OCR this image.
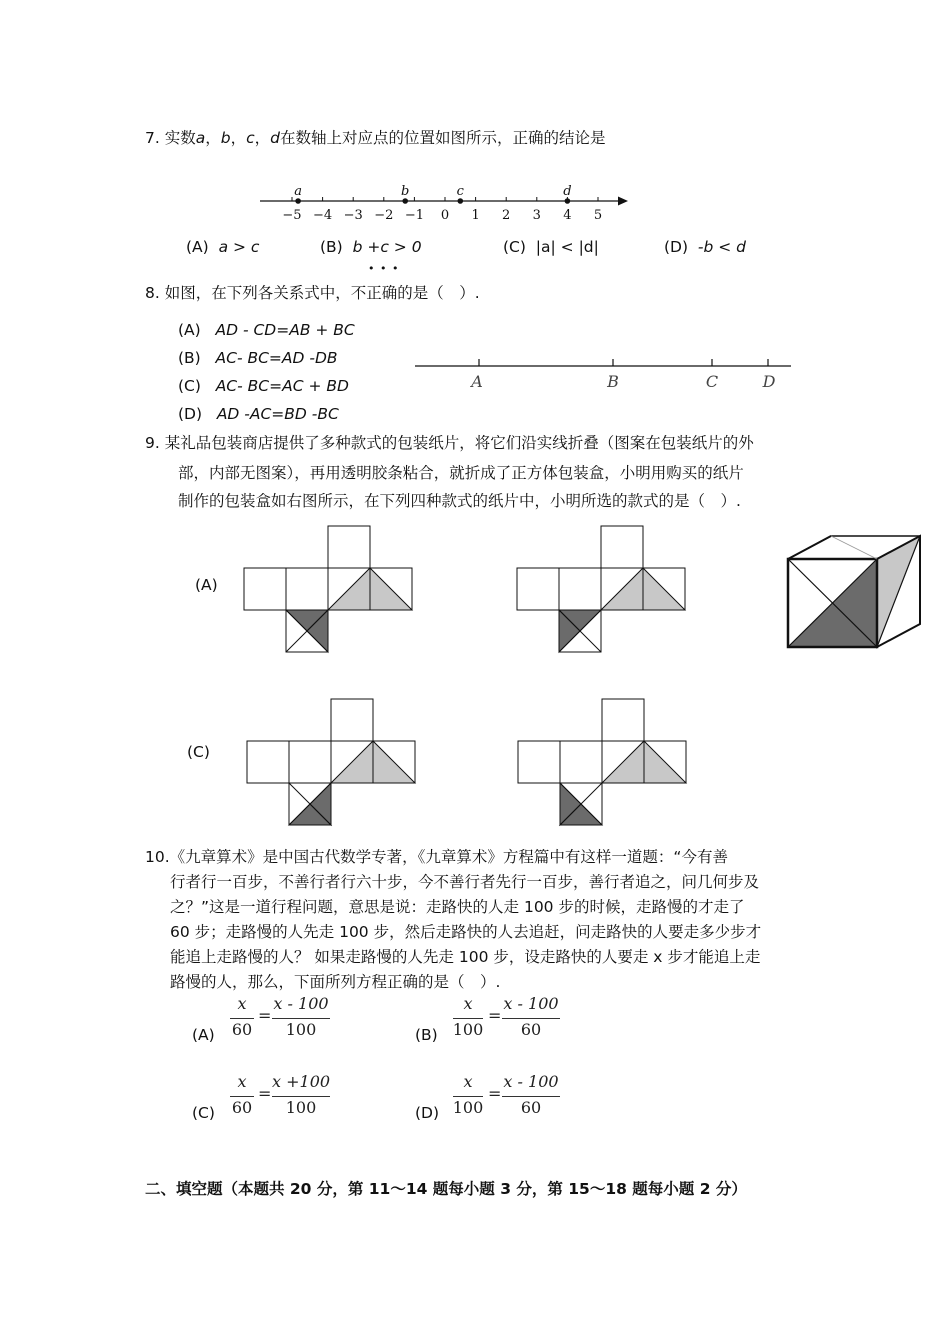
7. 实数a，b，c，d在数轴上对应点的位置如图所示，正确的结论是
−5 −4 −3 −2 −1 0 1 2 3 4 5
a	b	c	d
(A) a > c	(B) b +c > 0	(C) |a| < |d|	(D) -b < d
• • •
8. 如图，在下列各关系式中，不正确的是（　）.
(A) AD - CD=AB + BC
(B) AC- BC=AD -DB
(C) AC- BC=AC + BD
(D) AD -AC=BD -BC
A	B	C	D
9. 某礼品包装商店提供了多种款式的包装纸片，将它们沿实线折叠（图案在包装纸片的外
部，内部无图案），再用透明胶条粘合，就折成了正方体包装盒，小明用购买的纸片
制作的包装盒如右图所示，在下列四种款式的纸片中，小明所选的款式的是（　）.
(A)
(C)
10.《九章算术》是中国古代数学专著，《九章算术》方程篇中有这样一道题：“今有善
行者行一百步，不善行者行六十步，今不善行者先行一百步，善行者追之，问几何步及
之？”这是一道行程问题，意思是说：走路快的人走 100 步的时候，走路慢的才走了
60 步；走路慢的人先走 100 步，然后走路快的人去追赶，问走路快的人要走多少步才
能追上走路慢的人？ 如果走路慢的人先走 100 步，设走路快的人要走 x 步才能追上走
路慢的人，那么，下面所列方程正确的是（　）.
(A)
x
60
=
x - 100
100	(B)
x
100
=
x - 100
60
(C)
x
60
=
x +100
100	(D)
x
100
=
x - 100
60
二、填空题（本题共 20 分，第 11～14 题每小题 3 分，第 15～18 题每小题 2 分）
